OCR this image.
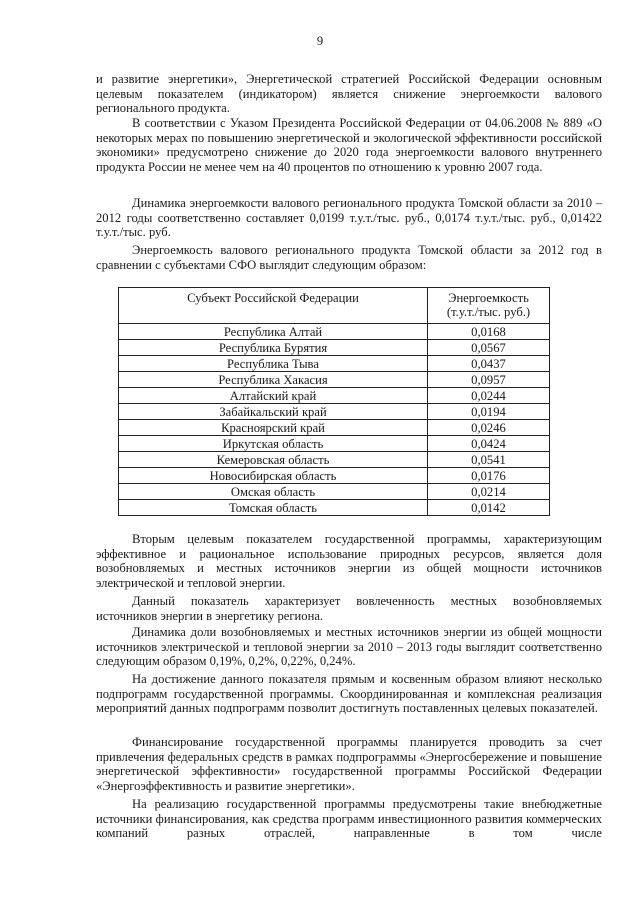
9

и развитие энергетики», Энергетической стратегией Российской Федерации основным целевым показателем (индикатором) является снижение энергоемкости валового регионального продукта.

В соответствии с Указом Президента Российской Федерации от 04.06.2008 № 889 «О некоторых мерах по повышению энергетической и экологической эффективности российской экономики» предусмотрено снижение до 2020 года энергоемкости валового внутреннего продукта России не менее чем на 40 процентов по отношению к уровню 2007 года.

Динамика энергоемкости валового регионального продукта Томской области за 2010 – 2012 годы соответственно составляет 0,0199 т.у.т./тыс. руб., 0,0174 т.у.т./тыс. руб., 0,01422 т.у.т./тыс. руб.

Энергоемкость валового регионального продукта Томской области за 2012 год в сравнении с субъектами СФО выглядит следующим образом:

Субъект Российской Федерации	Энергоемкость (т.у.т./тыс. руб.)
Республика Алтай	0,0168
Республика Бурятия	0,0567
Республика Тыва	0,0437
Республика Хакасия	0,0957
Алтайский край	0,0244
Забайкальский край	0,0194
Красноярский край	0,0246
Иркутская область	0,0424
Кемеровская область	0,0541
Новосибирская область	0,0176
Омская область	0,0214
Томская область	0,0142

Вторым целевым показателем государственной программы, характеризующим эффективное и рациональное использование природных ресурсов, является доля возобновляемых и местных источников энергии из общей мощности источников электрической и тепловой энергии.

Данный показатель характеризует вовлеченность местных возобновляемых источников энергии в энергетику региона.

Динамика доли возобновляемых и местных источников энергии из общей мощности источников электрической и тепловой энергии за 2010 – 2013 годы выглядит соответственно следующим образом 0,19%, 0,2%, 0,22%, 0,24%.

На достижение данного показателя прямым и косвенным образом влияют несколько подпрограмм государственной программы. Скоординированная и комплексная реализация мероприятий данных подпрограмм позволит достигнуть поставленных целевых показателей.

Финансирование государственной программы планируется проводить за счет привлечения федеральных средств в рамках подпрограммы «Энергосбережение и повышение энергетической эффективности» государственной программы Российской Федерации «Энергоэффективность и развитие энергетики».

На реализацию государственной программы предусмотрены такие внебюджетные источники финансирования, как средства программ инвестиционного развития коммерческих компаний разных отраслей, направленные в том числе
